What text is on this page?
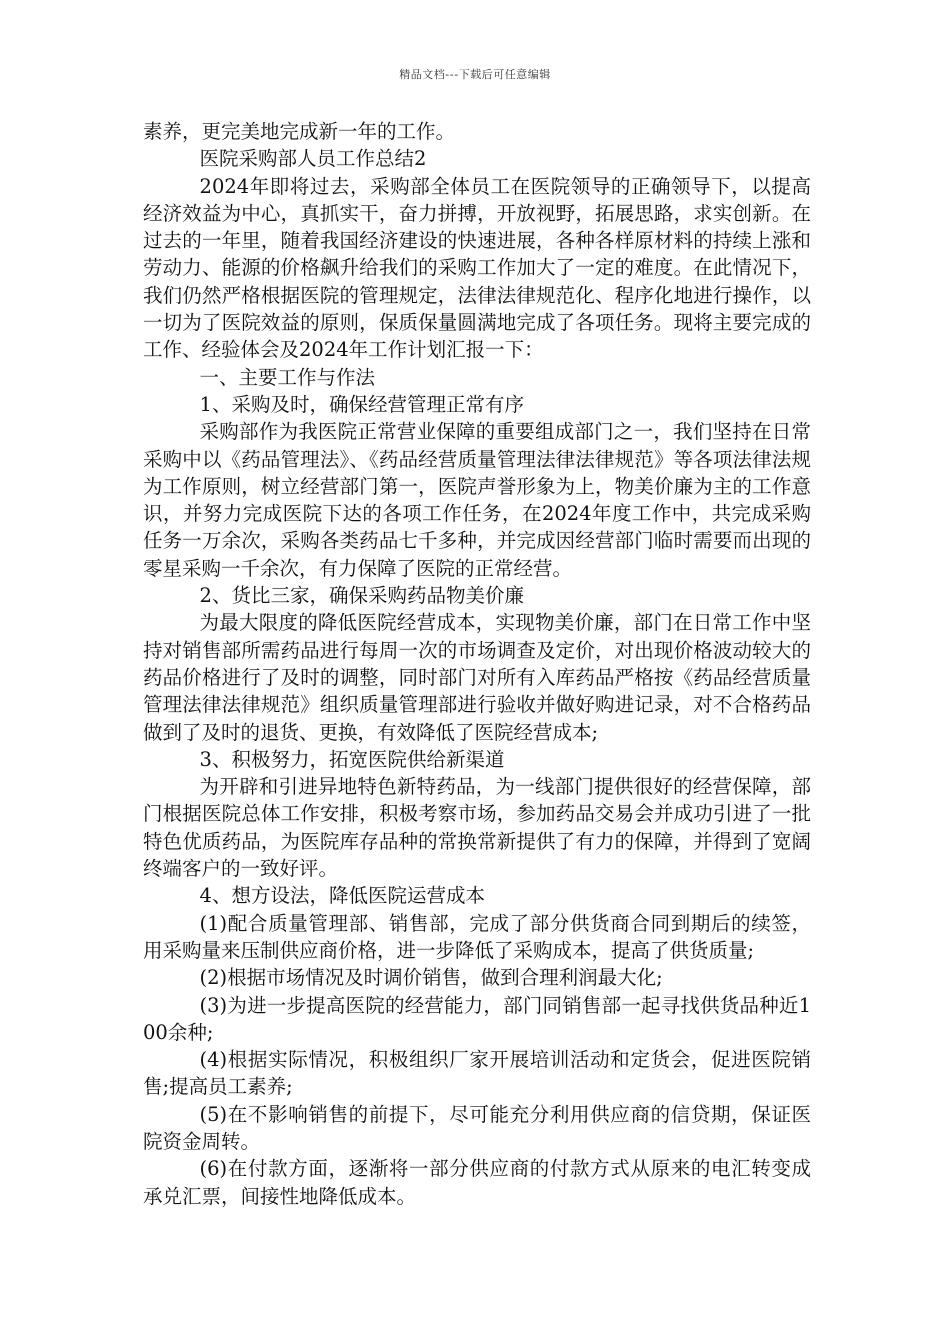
精品文档---下载后可任意编辑

素养，更完美地完成新一年的工作。

医院采购部人员工作总结2

2024年即将过去，采购部全体员工在医院领导的正确领导下，以提高经济效益为中心，真抓实干，奋力拼搏，开放视野，拓展思路，求实创新。在过去的一年里，随着我国经济建设的快速进展，各种各样原材料的持续上涨和劳动力、能源的价格飙升给我们的采购工作加大了一定的难度。在此情况下，我们仍然严格根据医院的管理规定，法律法律规范化、程序化地进行操作，以一切为了医院效益的原则，保质保量圆满地完成了各项任务。现将主要完成的工作、经验体会及2024年工作计划汇报一下：

一、主要工作与作法

1、采购及时，确保经营管理正常有序

采购部作为我医院正常营业保障的重要组成部门之一，我们坚持在日常采购中以《药品管理法》、《药品经营质量管理法律法律规范》等各项法律法规为工作原则，树立经营部门第一，医院声誉形象为上，物美价廉为主的工作意识，并努力完成医院下达的各项工作任务，在2024年度工作中，共完成采购任务一万余次，采购各类药品七千多种，并完成因经营部门临时需要而出现的零星采购一千余次，有力保障了医院的正常经营。

2、货比三家，确保采购药品物美价廉

为最大限度的降低医院经营成本，实现物美价廉，部门在日常工作中坚持对销售部所需药品进行每周一次的市场调查及定价，对出现价格波动较大的药品价格进行了及时的调整，同时部门对所有入库药品严格按《药品经营质量管理法律法律规范》组织质量管理部进行验收并做好购进记录，对不合格药品做到了及时的退货、更换，有效降低了医院经营成本;

3、积极努力，拓宽医院供给新渠道

为开辟和引进异地特色新特药品，为一线部门提供很好的经营保障，部门根据医院总体工作安排，积极考察市场，参加药品交易会并成功引进了一批特色优质药品，为医院库存品种的常换常新提供了有力的保障，并得到了宽阔终端客户的一致好评。

4、想方设法，降低医院运营成本

(1)配合质量管理部、销售部，完成了部分供货商合同到期后的续签，用采购量来压制供应商价格，进一步降低了采购成本，提高了供货质量;

(2)根据市场情况及时调价销售，做到合理利润最大化;

(3)为进一步提高医院的经营能力，部门同销售部一起寻找供货品种近100余种;

(4)根据实际情况，积极组织厂家开展培训活动和定货会，促进医院销售;提高员工素养;

(5)在不影响销售的前提下，尽可能充分利用供应商的信贷期，保证医院资金周转。

(6)在付款方面，逐渐将一部分供应商的付款方式从原来的电汇转变成承兑汇票，间接性地降低成本。
